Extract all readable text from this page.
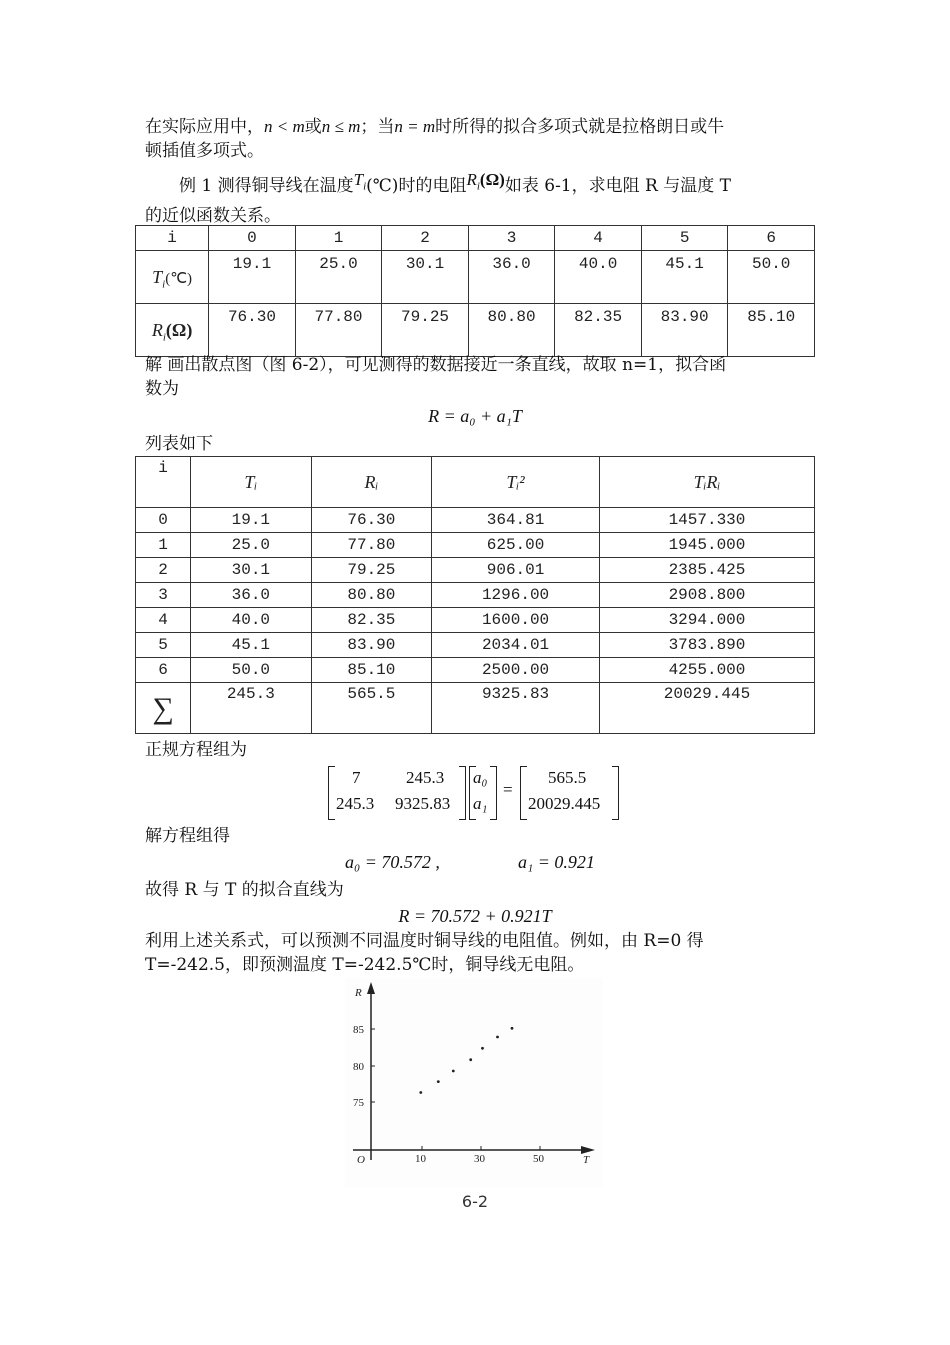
在实际应用中，n < m或n ≤ m；当n = m时所得的拟合多项式就是拉格朗日或牛
顿插值多项式。
例 1 测得铜导线在温度$T_i(℃)$时的电阻$R_i(\Omega)$如表 6-1，求电阻 R 与温度 T
的近似函数关系。
i	0	1	2	3	4	5	6
$T_i(℃)$	19.1	25.0	30.1	36.0	40.0	45.1	50.0
$R_i(\Omega)$	76.30	77.80	79.25	80.80	82.35	83.90	85.10
解 画出散点图（图 6-2），可见测得的数据接近一条直线，故取 n=1，拟合函
数为
R = a₀ + a₁T
列表如下
i	Tᵢ	Rᵢ	Tᵢ²	TᵢRᵢ
0	19.1	76.30	364.81	1457.330
1	25.0	77.80	625.00	1945.000
2	30.1	79.25	906.01	2385.425
3	36.0	80.80	1296.00	2908.800
4	40.0	82.35	1600.00	3294.000
5	45.1	83.90	2034.01	3783.890
6	50.0	85.10	2500.00	4255.000
∑	245.3	565.5	9325.83	20029.445
正规方程组为
7	245.3
245.3 9325.83
a₀
a₁
=
565.5
20029.445
解方程组得
a₀ = 70.572 ,	a₁ = 0.921
故得 R 与 T 的拟合直线为
R = 70.572 + 0.921T
利用上述关系式，可以预测不同温度时铜导线的电阻值。例如，由 R=0 得
T=-242.5，即预测温度 T=-242.5℃时，铜导线无电阻。
R
85
80
75
O	10	30	50	T
6-2
